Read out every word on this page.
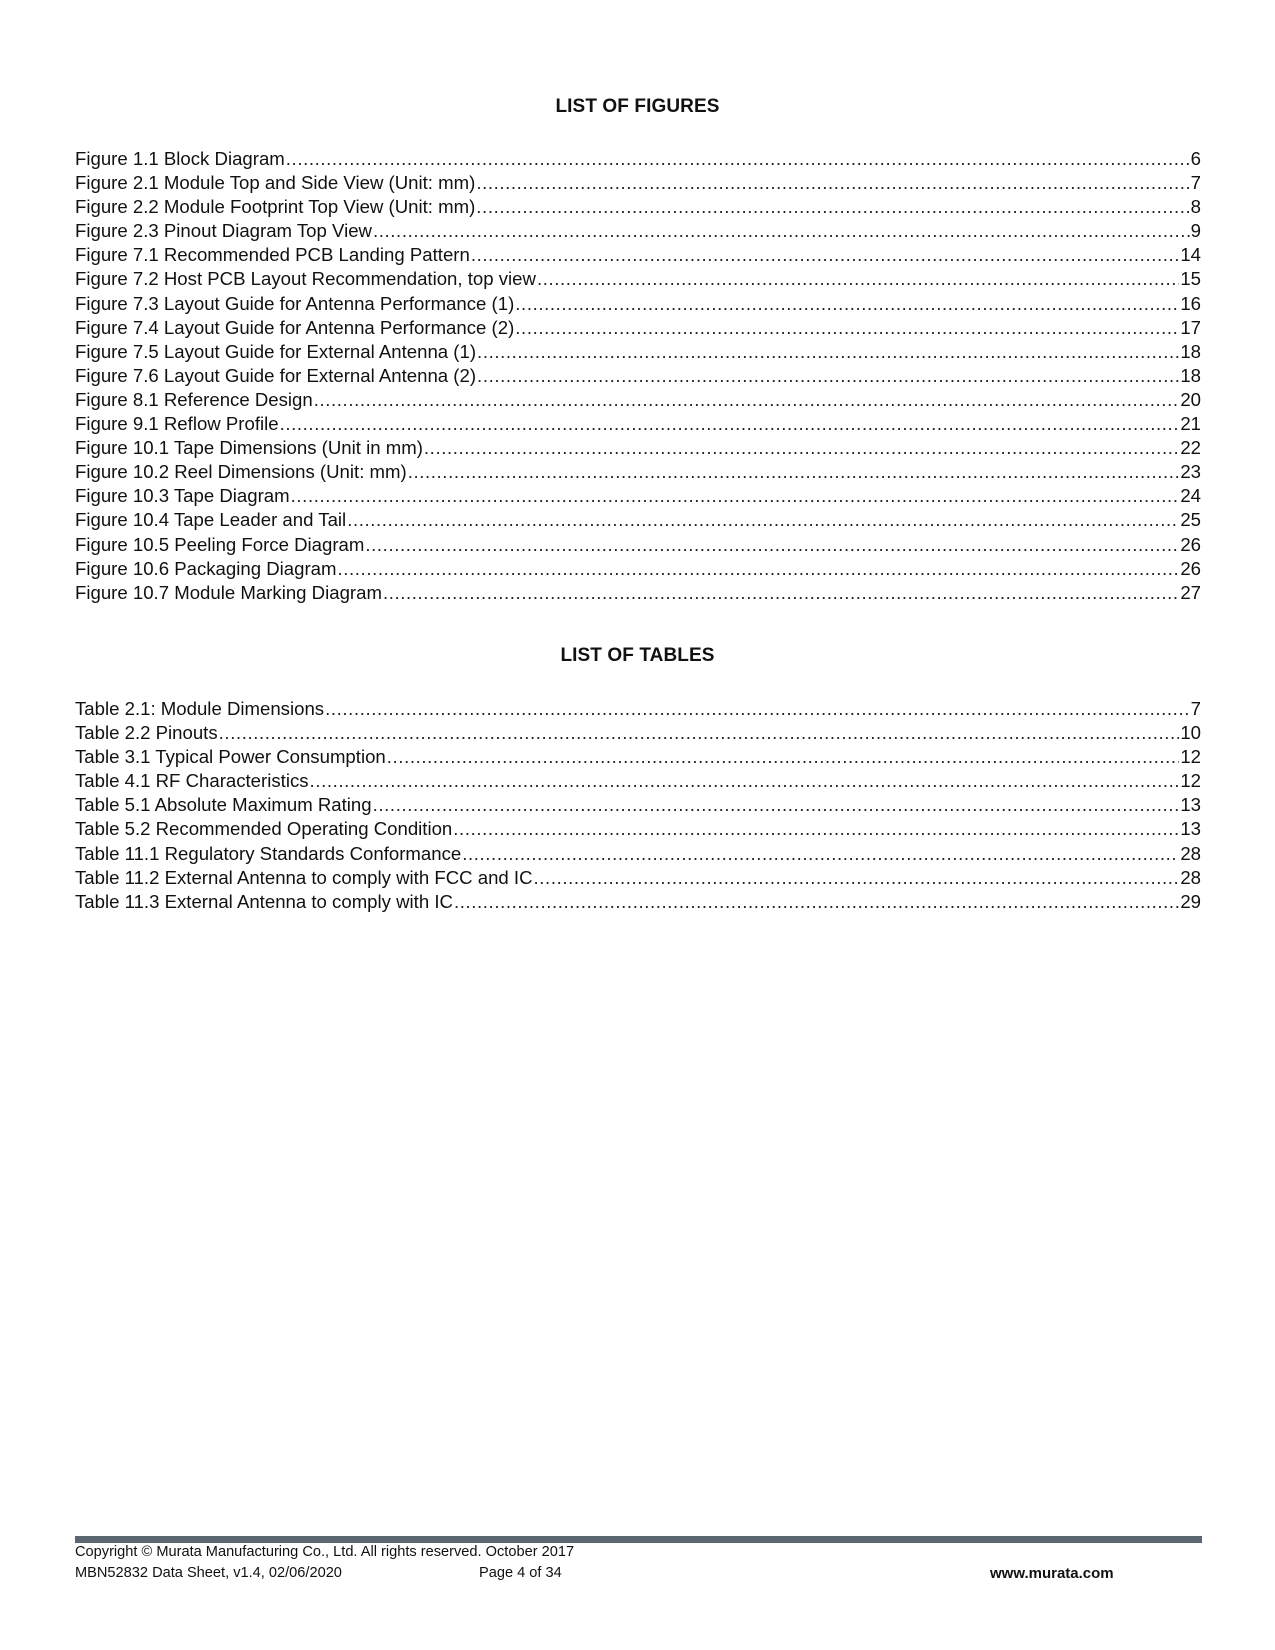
LIST OF FIGURES
Figure 1.1 Block Diagram .....	6
Figure 2.1 Module Top and Side View (Unit: mm) .....	7
Figure 2.2 Module Footprint Top View (Unit: mm) .....	8
Figure 2.3 Pinout Diagram Top View .....	9
Figure 7.1 Recommended PCB Landing Pattern .....	14
Figure 7.2 Host PCB Layout Recommendation, top view .....	15
Figure 7.3 Layout Guide for Antenna Performance (1) .....	16
Figure 7.4 Layout Guide for Antenna Performance (2) .....	17
Figure 7.5 Layout Guide for External Antenna (1) .....	18
Figure 7.6 Layout Guide for External Antenna (2) .....	18
Figure 8.1 Reference Design .....	20
Figure 9.1 Reflow Profile .....	21
Figure 10.1 Tape Dimensions (Unit in mm) .....	22
Figure 10.2 Reel Dimensions (Unit: mm) .....	23
Figure 10.3 Tape Diagram .....	24
Figure 10.4 Tape Leader and Tail .....	25
Figure 10.5 Peeling Force Diagram .....	26
Figure 10.6 Packaging Diagram .....	26
Figure 10.7 Module Marking Diagram .....	27
LIST OF TABLES
Table 2.1: Module Dimensions .....	7
Table 2.2 Pinouts .....	10
Table 3.1 Typical Power Consumption .....	12
Table 4.1 RF Characteristics .....	12
Table 5.1 Absolute Maximum Rating .....	13
Table 5.2 Recommended Operating Condition .....	13
Table 11.1 Regulatory Standards Conformance .....	28
Table 11.2 External Antenna to comply with FCC and IC .....	28
Table 11.3 External Antenna to comply with IC .....	29
Copyright © Murata Manufacturing Co., Ltd. All rights reserved. October 2017
MBN52832 Data Sheet, v1.4, 02/06/2020	Page 4 of 34	www.murata.com
